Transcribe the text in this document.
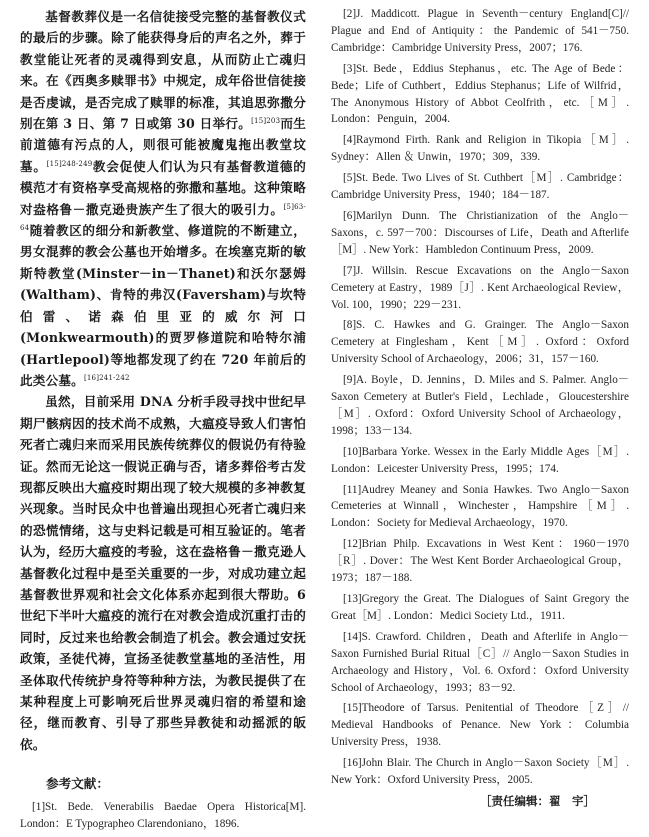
基督教葬仪是一名信徒接受完整的基督教仪式的最后的步骤。除了能获得身后的声名之外，葬于教堂能让死者的灵魂得到安息，从而防止亡魂归来。在《西奥多赎罪书》中规定，成年俗世信徒接是否虔诚，是否完成了赎罪的标准，其追思弥撒分别在第 3 日、第 7 日或第 30 日举行。$^{[15]203}$而生前道德有污点的人，则很可能被魔鬼拖出教堂坟墓。$^{[15]248-249}$教会促使人们认为只有基督教道德的模范才有资格享受高规格的弥撒和墓地。这种策略对盎格鲁－撒克逊贵族产生了很大的吸引力。$^{[5]63-64}$随着教区的细分和新教堂、修道院的不断建立，男女混葬的教会公墓也开始增多。在埃塞克斯的敏斯特教堂(Minster－in－Thanet)和沃尔瑟姆(Waltham)、肯特的弗汉(Faversham)与坎特伯雷、诺森伯里亚的威尔河口(Monkwearmouth)的贾罗修道院和哈特尔浦(Hartlepool)等地都发现了约在 720 年前后的此类公墓。$^{[16]241-242}$

虽然，目前采用 DNA 分析手段寻找中世纪早期尸骸病因的技术尚不成熟，大瘟疫导致人们害怕死者亡魂归来而采用民族传统葬仪的假说仍有待验证。然而无论这一假说正确与否，诸多葬俗考古发现都反映出大瘟疫时期出现了较大规模的多神教复兴现象。当时民众中也普遍出现担心死者亡魂归来的恐慌情绪，这与史料记载是可相互验证的。笔者认为，经历大瘟疫的考验，这在盎格鲁－撒克逊人基督教化过程中是至关重要的一步，对成功建立起基督教世界观和社会文化体系亦起到很大帮助。6 世纪下半叶大瘟疫的流行在对教会造成沉重打击的同时，反过来也给教会制造了机会。教会通过安抚政策，圣徒代祷，宣扬圣徒教堂墓地的圣洁性，用圣体取代传统护身符等种种方法，为教民提供了在某种程度上可影响死后世界灵魂归宿的希望和途径，继而教育、引导了那些异教徒和动摇派的皈依。

参考文献：

[1]St. Bede. Venerabilis Baedae Opera Historica[M]. London：E Typographeo Clarendoniano，1896.

[2]J. Maddicott. Plague in Seventh－century England[C]// Plague and End of Antiquity：the Pandemic of 541－750. Cambridge：Cambridge University Press，2007；176.

[3]St. Bede，Eddius Stephanus，etc. The Age of Bede：Bede；Life of Cuthbert，Eddius Stephanus；Life of Wilfrid，The Anonymous History of Abbot Ceolfrith，etc.［M］. London：Penguin，2004.

[4]Raymond Firth. Rank and Religion in Tikopia［M］. Sydney：Allen ＆ Unwin，1970；309，339.

[5]St. Bede. Two Lives of St. Cuthbert［M］. Cambridge：Cambridge University Press，1940；184－187.

[6]Marilyn Dunn. The Christianization of the Anglo－Saxons，c. 597－700：Discourses of Life，Death and Afterlife［M］. New York：Hambledon Continuum Press，2009.

[7]J. Willsin. Rescue Excavations on the Anglo－Saxon Cemetery at Eastry，1989［J］. Kent Archaeological Review，Vol. 100，1990；229－231.

[8]S. C. Hawkes and G. Grainger. The Anglo－Saxon Cemetery at Finglesham，Kent［M］. Oxford：Oxford University School of Archaeology，2006；31，157－160.

[9]A. Boyle，D. Jennins，D. Miles and S. Palmer. Anglo－Saxon Cemetery at Butler's Field，Lechlade，Gloucestershire［M］. Oxford：Oxford University School of Archaeology，1998；133－134.

[10]Barbara Yorke. Wessex in the Early Middle Ages［M］. London：Leicester University Press，1995；174.

[11]Audrey Meaney and Sonia Hawkes. Two Anglo－Saxon Cemeteries at Winnall，Winchester，Hampshire［M］. London：Society for Medieval Archaeology，1970.

[12]Brian Philp. Excavations in West Kent：1960－1970［R］. Dover：The West Kent Border Archaeological Group，1973；187－188.

[13]Gregory the Great. The Dialogues of Saint Gregory the Great［M］. London：Medici Society Ltd.，1911.

[14]S. Crawford. Children，Death and Afterlife in Anglo－Saxon Furnished Burial Ritual［C］// Anglo－Saxon Studies in Archaeology and History，Vol. 6. Oxford：Oxford University School of Archaeology，1993；83－92.

[15]Theodore of Tarsus. Penitential of Theodore［Z］// Medieval Handbooks of Penance. New York：Columbia University Press，1938.

[16]John Blair. The Church in Anglo－Saxon Society［M］. New York：Oxford University Press，2005.

［责任编辑：翟　宇］
